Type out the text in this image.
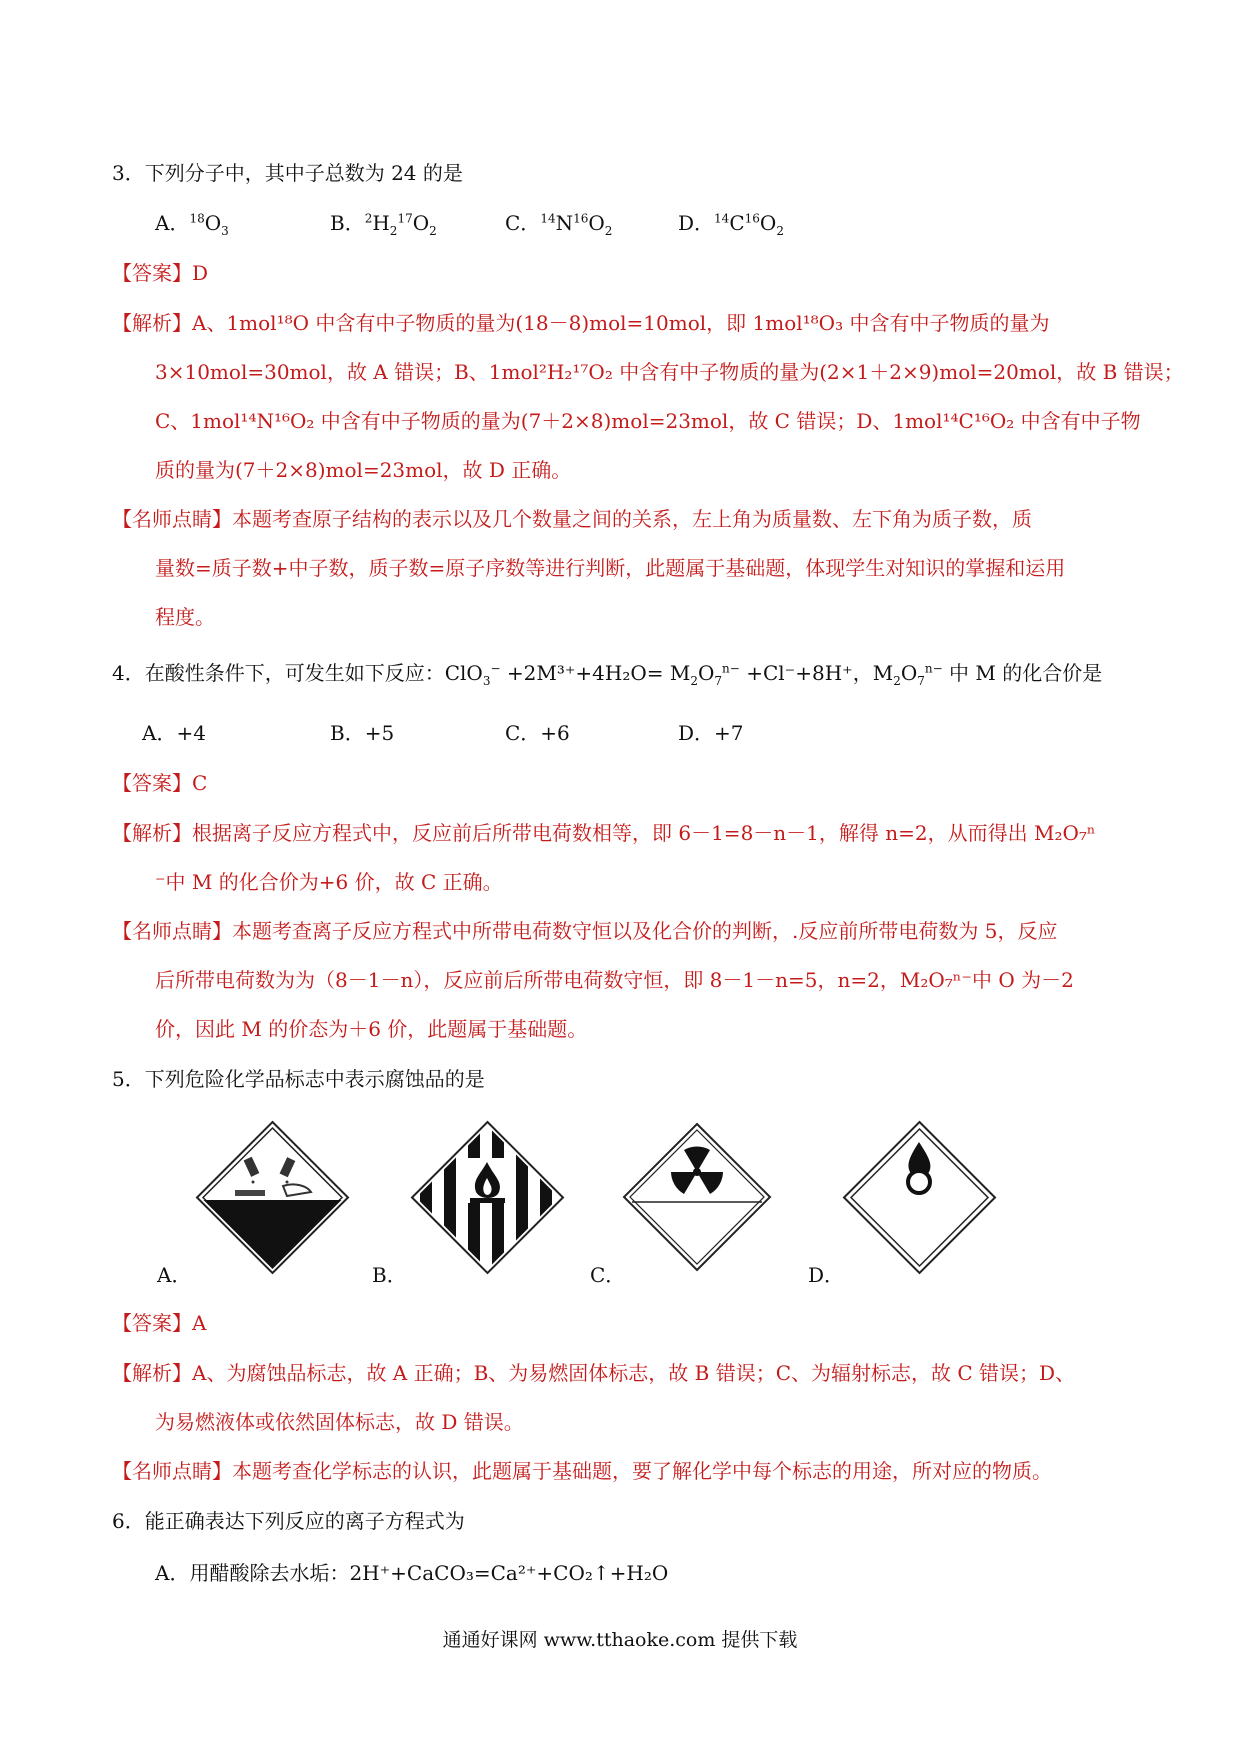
3．下列分子中，其中子总数为 24 的是
A．$^{18}O_3$	B．$^2H_2^{17}O_2$	C．$^{14}N^{16}O_2$	D．$^{14}C^{16}O_2$
【答案】D
【解析】A、1mol¹⁸O 中含有中子物质的量为(18－8)mol=10mol，即 1mol¹⁸O₃ 中含有中子物质的量为
3×10mol=30mol，故 A 错误；B、1mol²H₂¹⁷O₂ 中含有中子物质的量为(2×1＋2×9)mol=20mol，故 B 错误；
C、1mol¹⁴N¹⁶O₂ 中含有中子物质的量为(7＋2×8)mol=23mol，故 C 错误；D、1mol¹⁴C¹⁶O₂ 中含有中子物
质的量为(7＋2×8)mol=23mol，故 D 正确。
【名师点睛】本题考查原子结构的表示以及几个数量之间的关系，左上角为质量数、左下角为质子数，质
量数=质子数+中子数，质子数=原子序数等进行判断，此题属于基础题，体现学生对知识的掌握和运用
程度。
4．在酸性条件下，可发生如下反应：$ClO_3^- +2M^{3+}+4H_2O= M_2O_7^{n-} +Cl^-+8H^+$，$M_2O_7^{n-}$ 中 M 的化合价是
A．+4	B．+5	C．+6	D．+7
【答案】C
【解析】根据离子反应方程式中，反应前后所带电荷数相等，即 6－1=8－n－1，解得 n=2，从而得出 M₂O₇ⁿ
⁻中 M 的化合价为+6 价，故 C 正确。
【名师点睛】本题考查离子反应方程式中所带电荷数守恒以及化合价的判断，.反应前所带电荷数为 5，反应
后所带电荷数为为（8－1－n），反应前后所带电荷数守恒，即 8－1－n=5，n=2，M₂O₇ⁿ⁻中 O 为－2
价，因此 M 的价态为＋6 价，此题属于基础题。
5．下列危险化学品标志中表示腐蚀品的是
A．	B．	C．	D．
【答案】A
【解析】A、为腐蚀品标志，故 A 正确；B、为易燃固体标志，故 B 错误；C、为辐射标志，故 C 错误；D、
为易燃液体或依然固体标志，故 D 错误。
【名师点睛】本题考查化学标志的认识，此题属于基础题，要了解化学中每个标志的用途，所对应的物质。
6．能正确表达下列反应的离子方程式为
A．用醋酸除去水垢：2H⁺+CaCO₃=Ca²⁺+CO₂↑+H₂O
通通好课网 www.tthaoke.com 提供下载
